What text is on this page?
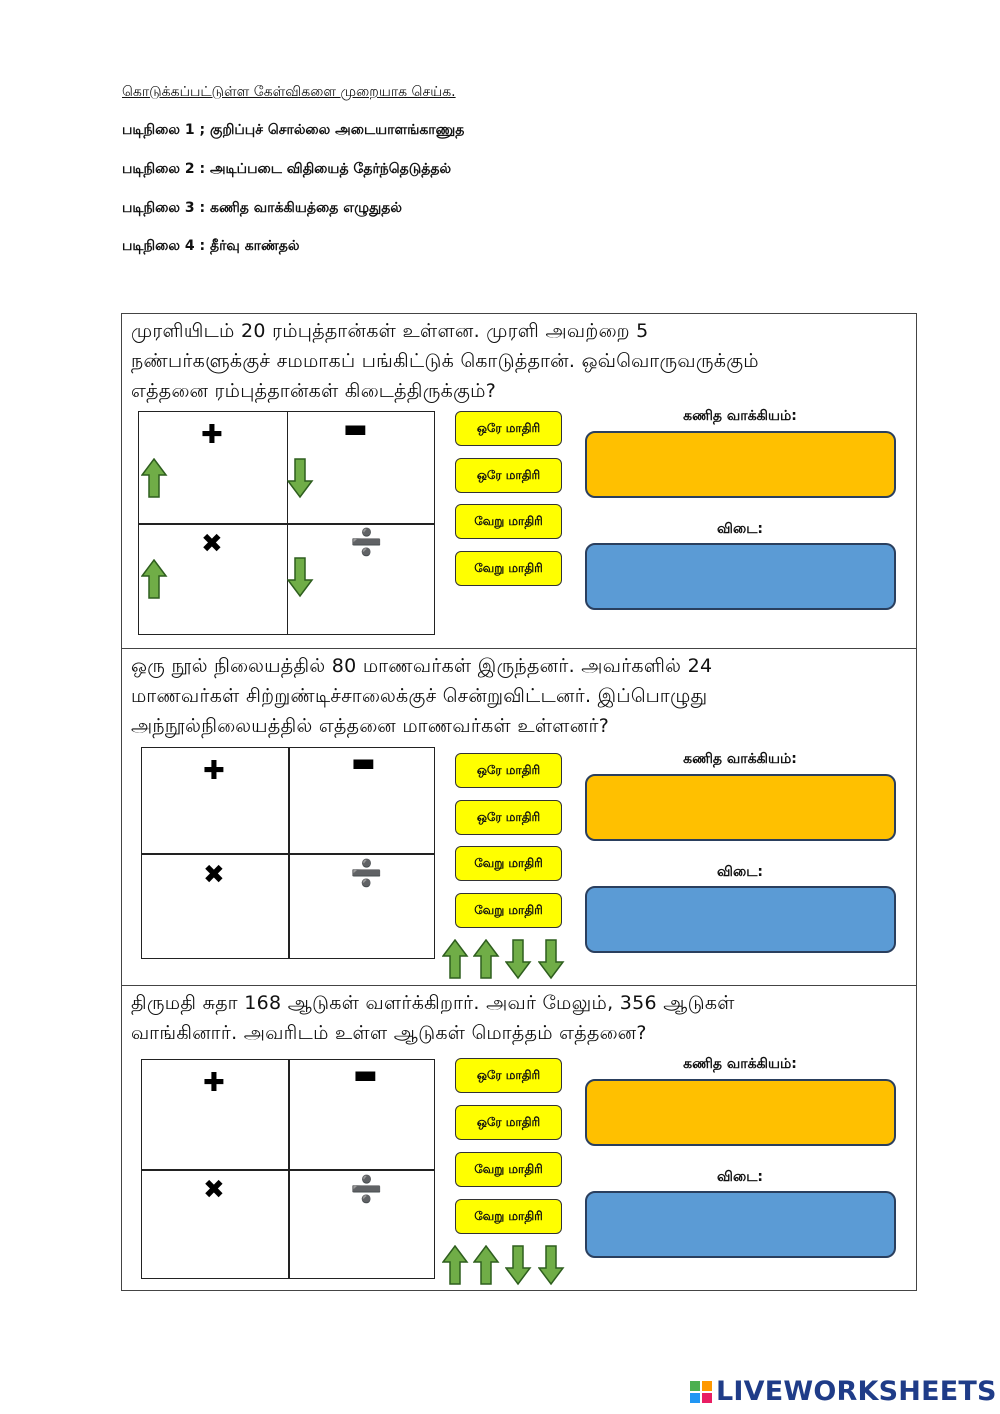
கொடுக்கப்பட்டுள்ள கேள்விகளை முறையாக செய்க.
படிநிலை 1 ; குறிப்புச் சொல்லை அடையாளங்காணுத
படிநிலை 2 : அடிப்படை விதியைத் தேர்ந்தெடுத்தல்
படிநிலை 3 : கணித வாக்கியத்தை எழுதுதல்
படிநிலை 4 : தீர்வு காண்தல்
முரளியிடம் 20 ரம்புத்தான்கள் உள்ளன. முரளி அவற்றை 5
நண்பர்களுக்குச் சமமாகப் பங்கிட்டுக் கொடுத்தான். ஒவ்வொருவருக்கும்
எத்தனை ரம்புத்தான்கள் கிடைத்திருக்கும்?
✚	▬
✖	➗
ஒரே மாதிரி
ஒரே மாதிரி
வேறு மாதிரி
வேறு மாதிரி
கணித வாக்கியம்:
விடை:
ஒரு நூல் நிலையத்தில் 80 மாணவர்கள் இருந்தனர். அவர்களில் 24
மாணவர்கள் சிற்றுண்டிச்சாலைக்குச் சென்றுவிட்டனர். இப்பொழுது
அந்நூல்நிலையத்தில் எத்தனை மாணவர்கள் உள்ளனர்?
✚	▬
✖	➗
ஒரே மாதிரி
ஒரே மாதிரி
வேறு மாதிரி
வேறு மாதிரி
கணித வாக்கியம்:
விடை:
திருமதி சுதா 168 ஆடுகள் வளர்க்கிறார். அவர் மேலும், 356 ஆடுகள்
வாங்கினார். அவரிடம் உள்ள ஆடுகள் மொத்தம் எத்தனை?
✚	▬
✖	➗
ஒரே மாதிரி
ஒரே மாதிரி
வேறு மாதிரி
வேறு மாதிரி
கணித வாக்கியம்:
விடை:
LIVEWORKSHEETS
